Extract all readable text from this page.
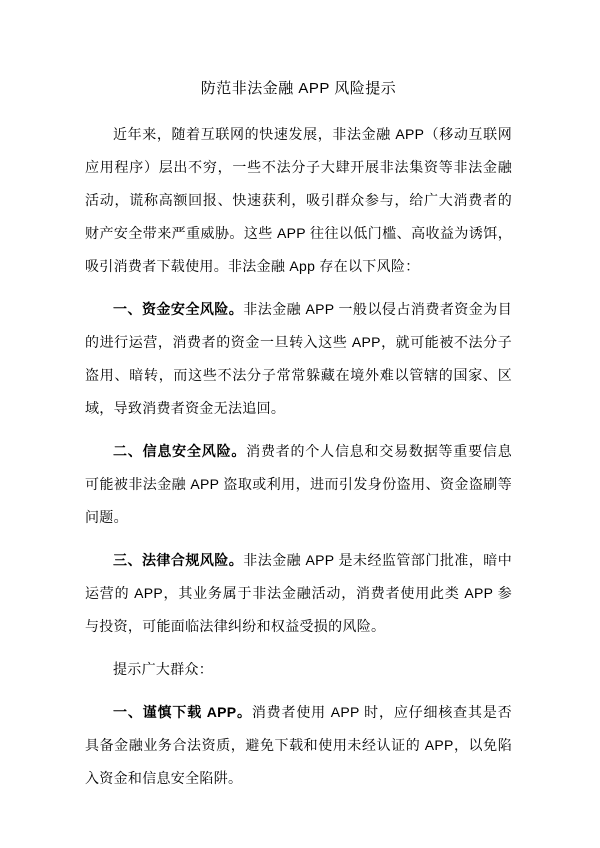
防范非法金融 APP 风险提示

近年来，随着互联网的快速发展，非法金融 APP（移动互联网应用程序）层出不穷，一些不法分子大肆开展非法集资等非法金融活动，谎称高额回报、快速获利，吸引群众参与，给广大消费者的财产安全带来严重威胁。这些 APP 往往以低门槛、高收益为诱饵，吸引消费者下载使用。非法金融 App 存在以下风险：

一、资金安全风险。非法金融 APP 一般以侵占消费者资金为目的进行运营，消费者的资金一旦转入这些 APP，就可能被不法分子盗用、暗转，而这些不法分子常常躲藏在境外难以管辖的国家、区域，导致消费者资金无法追回。

二、信息安全风险。消费者的个人信息和交易数据等重要信息可能被非法金融 APP 盗取或利用，进而引发身份盗用、资金盗刷等问题。

三、法律合规风险。非法金融 APP 是未经监管部门批准，暗中运营的 APP，其业务属于非法金融活动，消费者使用此类 APP 参与投资，可能面临法律纠纷和权益受损的风险。

提示广大群众：

一、谨慎下载 APP。消费者使用 APP 时，应仔细核查其是否具备金融业务合法资质，避免下载和使用未经认证的 APP，以免陷入资金和信息安全陷阱。
